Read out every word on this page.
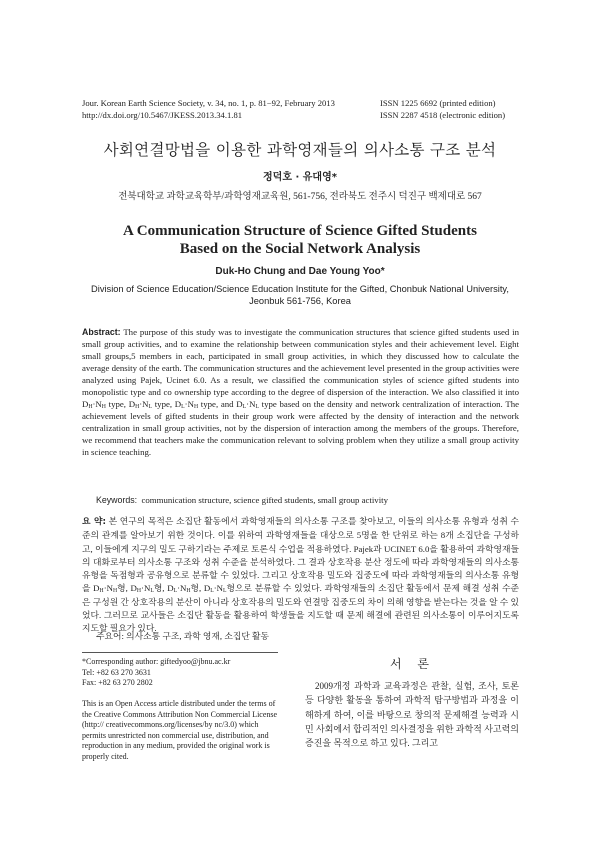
Jour. Korean Earth Science Society, v. 34, no. 1, p. 81−92, February 2013
http://dx.doi.org/10.5467/JKESS.2013.34.1.81
ISSN 1225 6692 (printed edition)
ISSN 2287 4518 (electronic edition)
사회연결망법을 이용한 과학영재들의 의사소통 구조 분석
정덕호 · 유대영*
전북대학교 과학교육학부/과학영재교육원, 561-756, 전라북도 전주시 덕진구 백제대로 567
A Communication Structure of Science Gifted Students
Based on the Social Network Analysis
Duk-Ho Chung and Dae Young Yoo*
Division of Science Education/Science Education Institute for the Gifted, Chonbuk National University, Jeonbuk 561-756, Korea
Abstract: The purpose of this study was to investigate the communication structures that science gifted students used in small group activities, and to examine the relationship between communication styles and their achievement level. Eight small groups,5 members in each, participated in small group activities, in which they discussed how to calculate the average density of the earth. The communication structures and the achievement level presented in the group activities were analyzed using Pajek, Ucinet 6.0. As a result, we classified the communication styles of science gifted students into monopolistic type and co ownership type according to the degree of dispersion of the interaction. We also classified it into $D_H\cdot N_H$ type, $D_H\cdot N_L$ type, $D_L\cdot N_H$ type, and $D_L\cdot N_L$ type based on the density and network centralization of interaction. The achievement levels of gifted students in their group work were affected by the density of interaction and the network centralization in small group activities, not by the dispersion of interaction among the members of the groups. Therefore, we recommend that teachers make the communication relevant to solving problem when they utilize a small group activity in science teaching.
Keywords: communication structure, science gifted students, small group activity
요 약: 본 연구의 목적은 소집단 활동에서 과학영재들의 의사소통 구조를 찾아보고, 이들의 의사소통 유형과 성취 수준의 관계를 알아보기 위한 것이다. 이를 위하여 과학영재들을 대상으로 5명을 한 단위로 하는 8개 소집단을 구성하고, 이들에게 지구의 밀도 구하기라는 주제로 토론식 수업을 적용하였다. Pajek과 UCINET 6.0을 활용하여 과학영재들의 대화로부터 의사소통 구조와 성취 수준을 분석하였다. 그 결과 상호작용 분산 정도에 따라 과학영재들의 의사소통 유형을 독점형과 공유형으로 분류할 수 있었다. 그리고 상호작용 밀도와 집중도에 따라 과학영재들의 의사소통 유형을 $D_H\cdot N_H$형, $D_H\cdot N_L$형, $D_L\cdot N_H$형, $D_L\cdot N_L$형으로 분류할 수 있었다. 과학영재들의 소집단 활동에서 문제 해결 성취 수준은 구성원 간 상호작용의 분산이 아니라 상호작용의 밀도와 연결망 집중도의 차이 의해 영향을 받는다는 것을 알 수 있었다. 그러므로 교사들은 소집단 활동을 활용하여 학생들을 지도할 때 문제 해결에 관련된 의사소통이 이루어지도록 지도할 필요가 있다.
주요어: 의사소통 구조, 과학 영재, 소집단 활동
*Corresponding author: giftedyoo@jbnu.ac.kr
Tel: +82 63 270 3631
Fax: +82 63 270 2802
This is an Open Access article distributed under the terms of the Creative Commons Attribution Non Commercial License (http:// creativecommons.org/licenses/by nc/3.0) which permits unrestricted non commercial use, distribution, and reproduction in any medium, provided the original work is properly cited.
서 론
2009개정 과학과 교육과정은 관찰, 실험, 조사, 토론 등 다양한 활동을 통하여 과학적 탐구방법과 과정을 이해하게 하여, 이를 바탕으로 창의적 문제해결 능력과 시민 사회에서 합리적인 의사결정을 위한 과학적 사고력의 증진을 목적으로 하고 있다. 그리고
